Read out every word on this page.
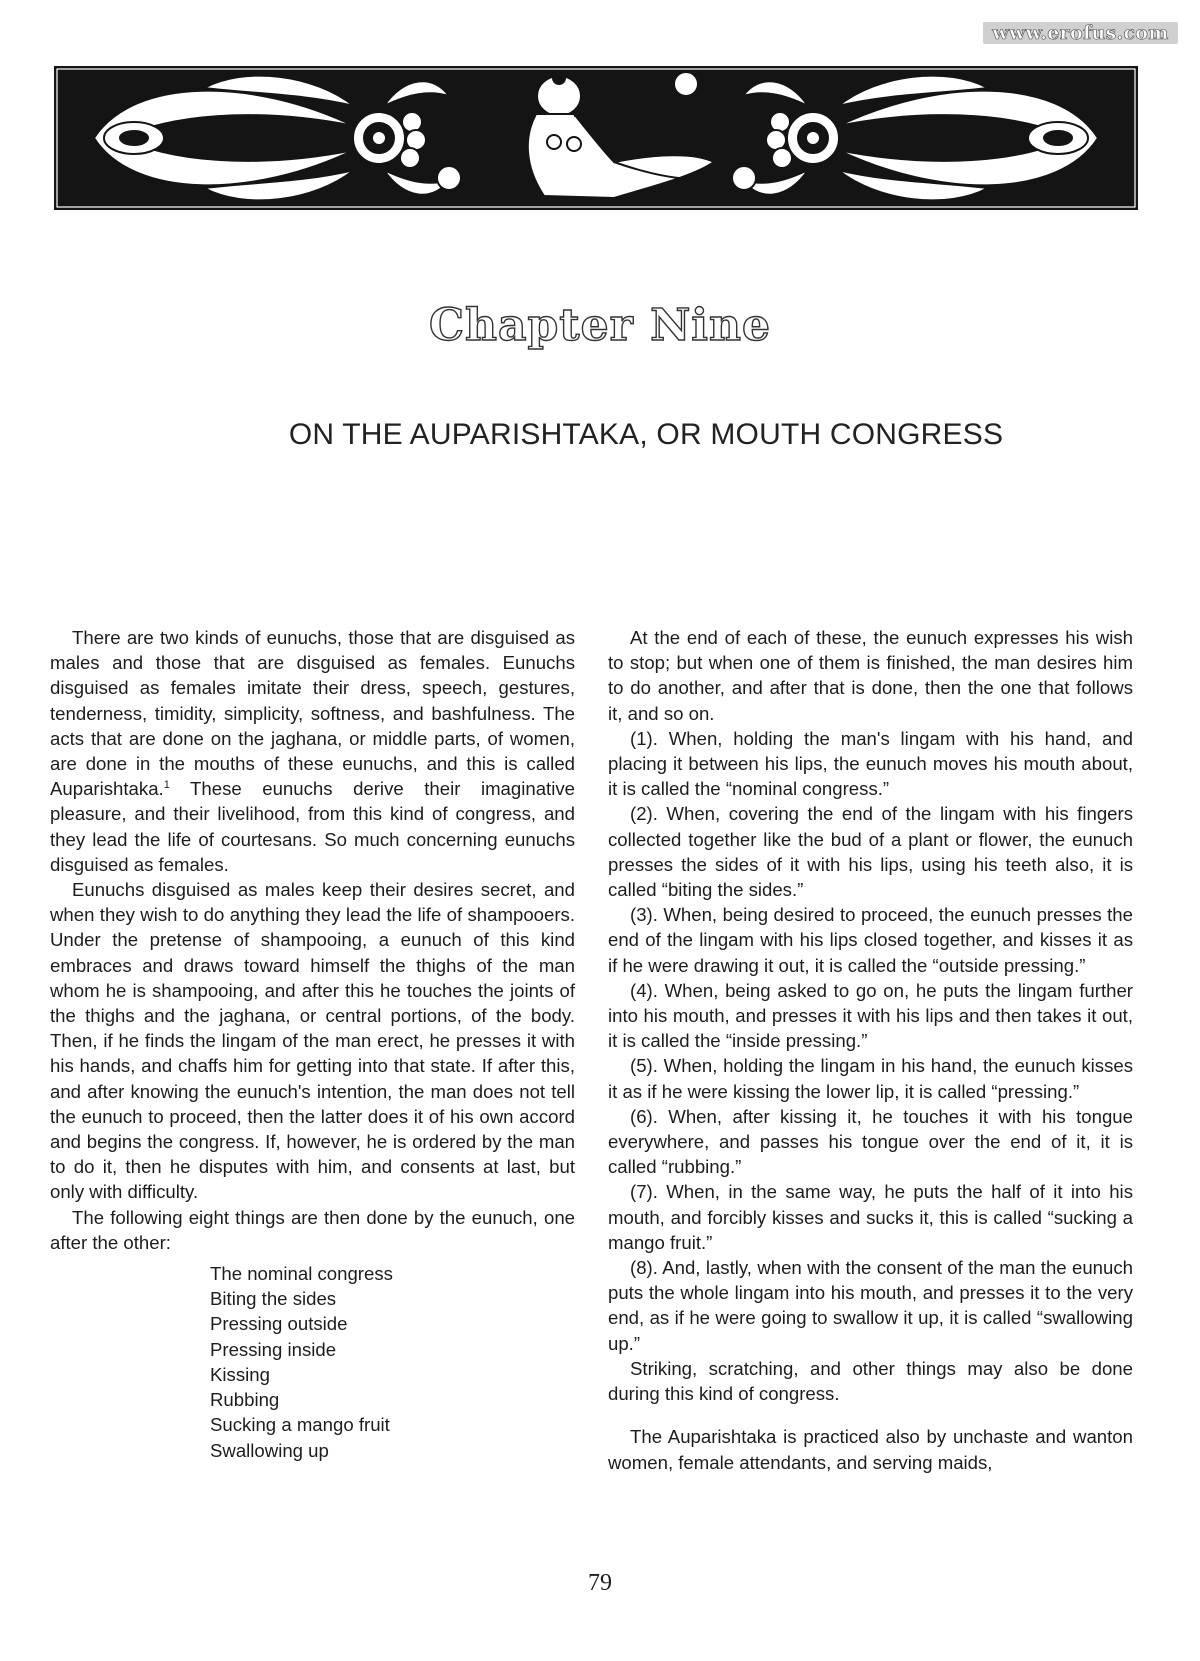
www.erofus.com
Chapter Nine
ON THE AUPARISHTAKA, OR MOUTH CONGRESS

There are two kinds of eunuchs, those that are disguised as males and those that are disguised as females. Eunuchs disguised as females imitate their dress, speech, gestures, tenderness, timidity, simplicity, softness, and bashfulness. The acts that are done on the jaghana, or middle parts, of women, are done in the mouths of these eunuchs, and this is called Auparishtaka.$^1$ These eunuchs derive their imaginative pleasure, and their livelihood, from this kind of congress, and they lead the life of courtesans. So much concerning eunuchs disguised as females.

Eunuchs disguised as males keep their desires secret, and when they wish to do anything they lead the life of shampooers. Under the pretense of shampooing, a eunuch of this kind embraces and draws toward himself the thighs of the man whom he is shampooing, and after this he touches the joints of the thighs and the jaghana, or central portions, of the body. Then, if he finds the lingam of the man erect, he presses it with his hands, and chaffs him for getting into that state. If after this, and after knowing the eunuch's intention, the man does not tell the eunuch to proceed, then the latter does it of his own accord and begins the congress. If, however, he is ordered by the man to do it, then he disputes with him, and consents at last, but only with difficulty.

The following eight things are then done by the eunuch, one after the other:

The nominal congress
Biting the sides
Pressing outside
Pressing inside
Kissing
Rubbing
Sucking a mango fruit
Swallowing up

At the end of each of these, the eunuch expresses his wish to stop; but when one of them is finished, the man desires him to do another, and after that is done, then the one that follows it, and so on.

(1). When, holding the man's lingam with his hand, and placing it between his lips, the eunuch moves his mouth about, it is called the “nominal congress.”

(2). When, covering the end of the lingam with his fingers collected together like the bud of a plant or flower, the eunuch presses the sides of it with his lips, using his teeth also, it is called “biting the sides.”

(3). When, being desired to proceed, the eunuch presses the end of the lingam with his lips closed together, and kisses it as if he were drawing it out, it is called the “outside pressing.”

(4). When, being asked to go on, he puts the lingam further into his mouth, and presses it with his lips and then takes it out, it is called the “inside pressing.”

(5). When, holding the lingam in his hand, the eunuch kisses it as if he were kissing the lower lip, it is called “pressing.”

(6). When, after kissing it, he touches it with his tongue everywhere, and passes his tongue over the end of it, it is called “rubbing.”

(7). When, in the same way, he puts the half of it into his mouth, and forcibly kisses and sucks it, this is called “sucking a mango fruit.”

(8). And, lastly, when with the consent of the man the eunuch puts the whole lingam into his mouth, and presses it to the very end, as if he were going to swallow it up, it is called “swallowing up.”

Striking, scratching, and other things may also be done during this kind of congress.

The Auparishtaka is practiced also by unchaste and wanton women, female attendants, and serving maids,

79
